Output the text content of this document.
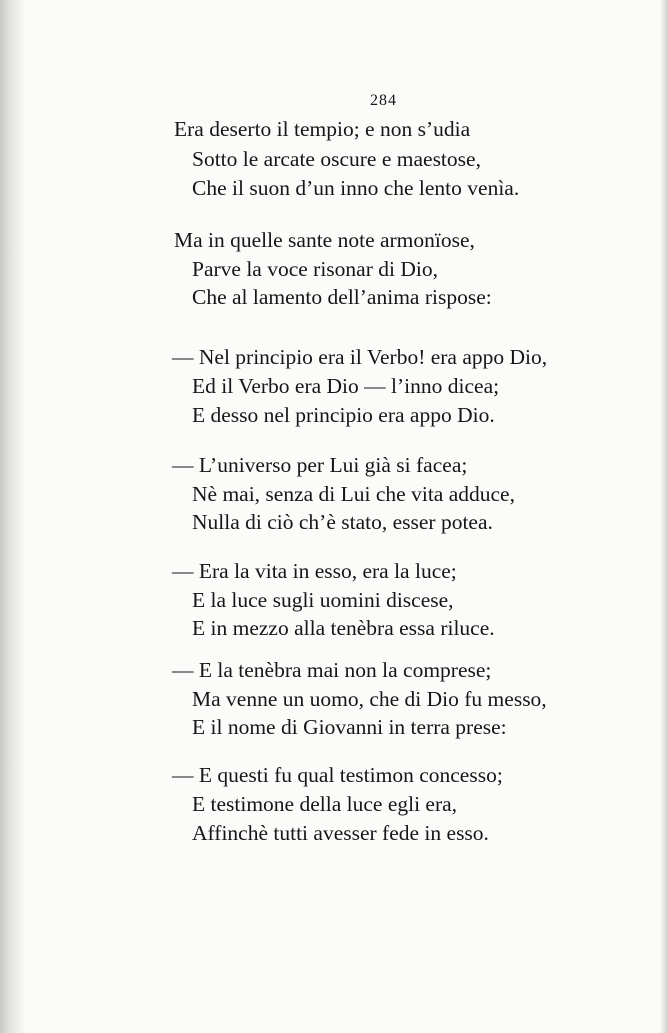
284
Era deserto il tempio; e non s’udia
Sotto le arcate oscure e maestose,
Che il suon d’un inno che lento venìa.
Ma in quelle sante note armonïose,
Parve la voce risonar di Dio,
Che al lamento dell’anima rispose:
— Nel principio era il Verbo! era appo Dio,
Ed il Verbo era Dio — l’inno dicea;
E desso nel principio era appo Dio.
— L’universo per Lui già si facea;
Nè mai, senza di Lui che vita adduce,
Nulla di ciò ch’è stato, esser potea.
— Era la vita in esso, era la luce;
E la luce sugli uomini discese,
E in mezzo alla tenèbra essa riluce.
— E la tenèbra mai non la comprese;
Ma venne un uomo, che di Dio fu messo,
E il nome di Giovanni in terra prese:
— E questi fu qual testimon concesso;
E testimone della luce egli era,
Affinchè tutti avesser fede in esso.
